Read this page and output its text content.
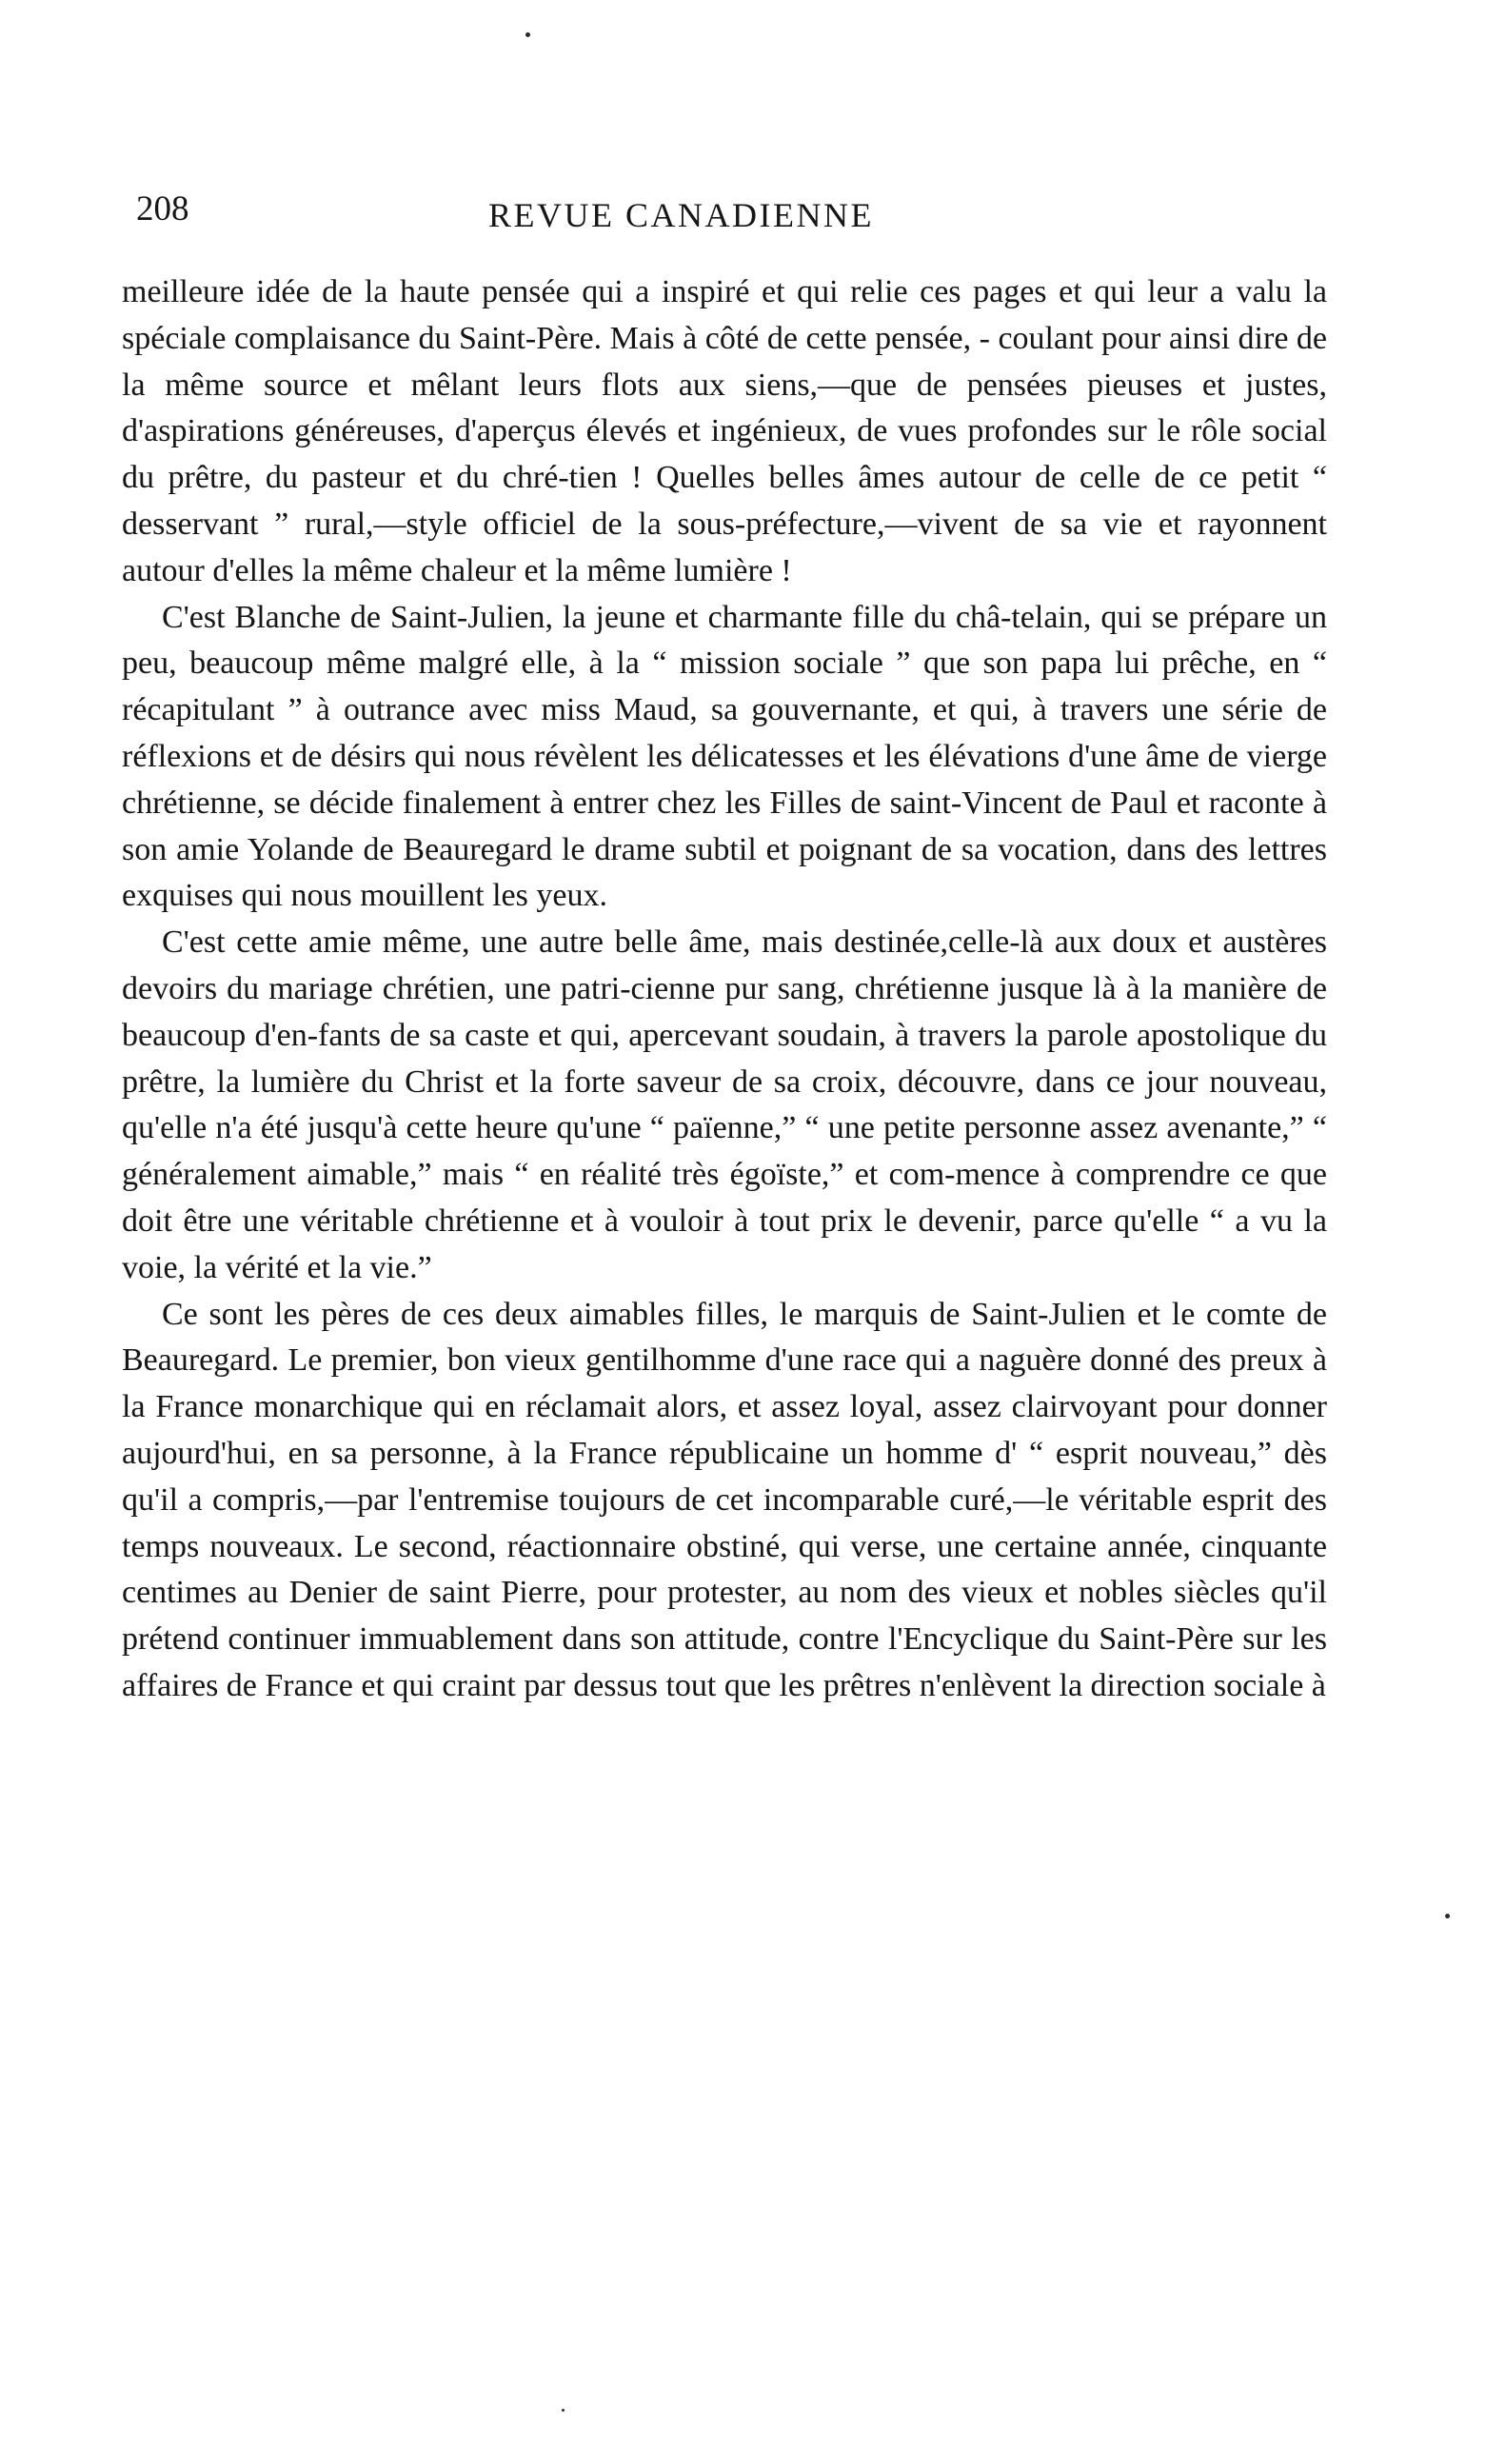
208	REVUE CANADIENNE

meilleure idée de la haute pensée qui a inspiré et qui relie ces pages et qui leur a valu la spéciale complaisance du Saint-Père. Mais à côté de cette pensée, - coulant pour ainsi dire de la même source et mêlant leurs flots aux siens,—que de pensées pieuses et justes, d'aspirations généreuses, d'aperçus élevés et ingénieux, de vues profondes sur le rôle social du prêtre, du pasteur et du chré-tien ! Quelles belles âmes autour de celle de ce petit “ desservant ” rural,—style officiel de la sous-préfecture,—vivent de sa vie et rayonnent autour d'elles la même chaleur et la même lumière !

C'est Blanche de Saint-Julien, la jeune et charmante fille du châ-telain, qui se prépare un peu, beaucoup même malgré elle, à la “ mission sociale ” que son papa lui prêche, en “ récapitulant ” à outrance avec miss Maud, sa gouvernante, et qui, à travers une série de réflexions et de désirs qui nous révèlent les délicatesses et les élévations d'une âme de vierge chrétienne, se décide finalement à entrer chez les Filles de saint-Vincent de Paul et raconte à son amie Yolande de Beauregard le drame subtil et poignant de sa vocation, dans des lettres exquises qui nous mouillent les yeux.

C'est cette amie même, une autre belle âme, mais destinée,celle-là aux doux et austères devoirs du mariage chrétien, une patri-cienne pur sang, chrétienne jusque là à la manière de beaucoup d'en-fants de sa caste et qui, apercevant soudain, à travers la parole apostolique du prêtre, la lumière du Christ et la forte saveur de sa croix, découvre, dans ce jour nouveau, qu'elle n'a été jusqu'à cette heure qu'une “ païenne,” “ une petite personne assez avenante,” “ généralement aimable,” mais “ en réalité très égoïste,” et com-mence à comprendre ce que doit être une véritable chrétienne et à vouloir à tout prix le devenir, parce qu'elle “ a vu la voie, la vérité et la vie.”

Ce sont les pères de ces deux aimables filles, le marquis de Saint-Julien et le comte de Beauregard. Le premier, bon vieux gentilhomme d'une race qui a naguère donné des preux à la France monarchique qui en réclamait alors, et assez loyal, assez clairvoyant pour donner aujourd'hui, en sa personne, à la France républicaine un homme d' “ esprit nouveau,” dès qu'il a compris,—par l'entremise toujours de cet incomparable curé,—le véritable esprit des temps nouveaux. Le second, réactionnaire obstiné, qui verse, une certaine année, cinquante centimes au Denier de saint Pierre, pour protester, au nom des vieux et nobles siècles qu'il prétend continuer immuablement dans son attitude, contre l'Encyclique du Saint-Père sur les affaires de France et qui craint par dessus tout que les prêtres n'enlèvent la direction sociale à
